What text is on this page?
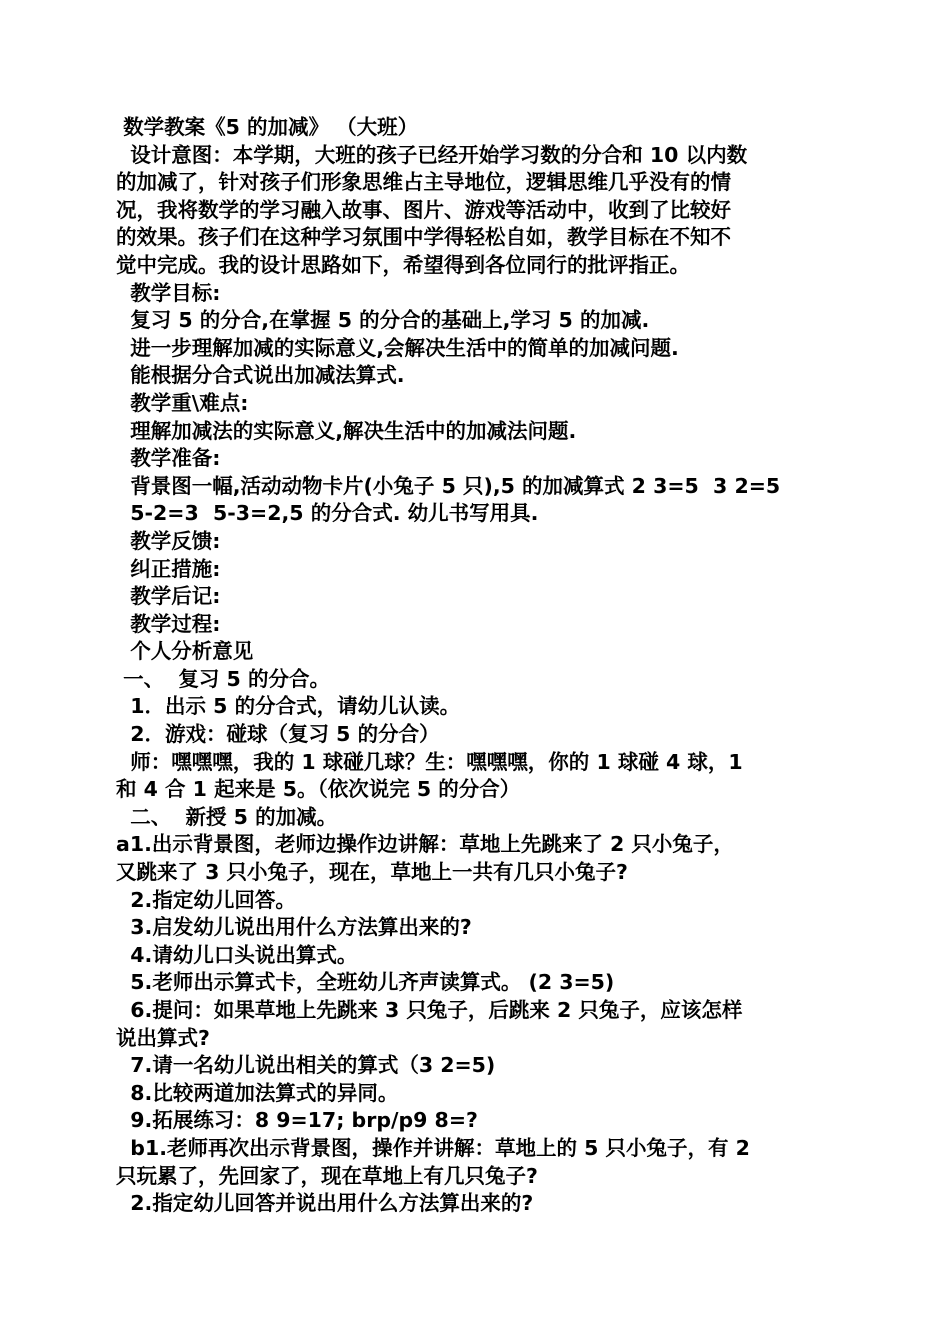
数学教案《5 的加减》 （大班）
设计意图：本学期，大班的孩子已经开始学习数的分合和 10 以内数
的加减了，针对孩子们形象思维占主导地位，逻辑思维几乎没有的情
况，我将数学的学习融入故事、图片、游戏等活动中，收到了比较好
的效果。孩子们在这种学习氛围中学得轻松自如，教学目标在不知不
觉中完成。我的设计思路如下，希望得到各位同行的批评指正。
教学目标:
复习 5 的分合,在掌握 5 的分合的基础上,学习 5 的加减.
进一步理解加减的实际意义,会解决生活中的简单的加减问题.
能根据分合式说出加减法算式.
教学重\难点:
理解加减法的实际意义,解决生活中的加减法问题.
教学准备:
背景图一幅,活动动物卡片(小兔子 5 只),5 的加减算式 2 3=5  3 2=5
5-2=3  5-3=2,5 的分合式. 幼儿书写用具.
教学反馈:
纠正措施:
教学后记:
教学过程:
个人分析意见
一、  复习 5 的分合。
1．出示 5 的分合式，请幼儿认读。
2．游戏：碰球（复习 5 的分合）
师：嘿嘿嘿，我的 1 球碰几球？生：嘿嘿嘿，你的 1 球碰 4 球，1
和 4 合 1 起来是 5。（依次说完 5 的分合）
二、  新授 5 的加减。
a1.出示背景图，老师边操作边讲解：草地上先跳来了 2 只小兔子，
又跳来了 3 只小兔子，现在，草地上一共有几只小兔子?
2.指定幼儿回答。
3.启发幼儿说出用什么方法算出来的?
4.请幼儿口头说出算式。
5.老师出示算式卡，全班幼儿齐声读算式。 (2 3=5)
6.提问：如果草地上先跳来 3 只兔子，后跳来 2 只兔子，应该怎样
说出算式?
7.请一名幼儿说出相关的算式（3 2=5)
8.比较两道加法算式的异同。
9.拓展练习：8 9=17; brp/p9 8=?
b1.老师再次出示背景图，操作并讲解：草地上的 5 只小兔子，有 2
只玩累了，先回家了，现在草地上有几只兔子?
2.指定幼儿回答并说出用什么方法算出来的?
